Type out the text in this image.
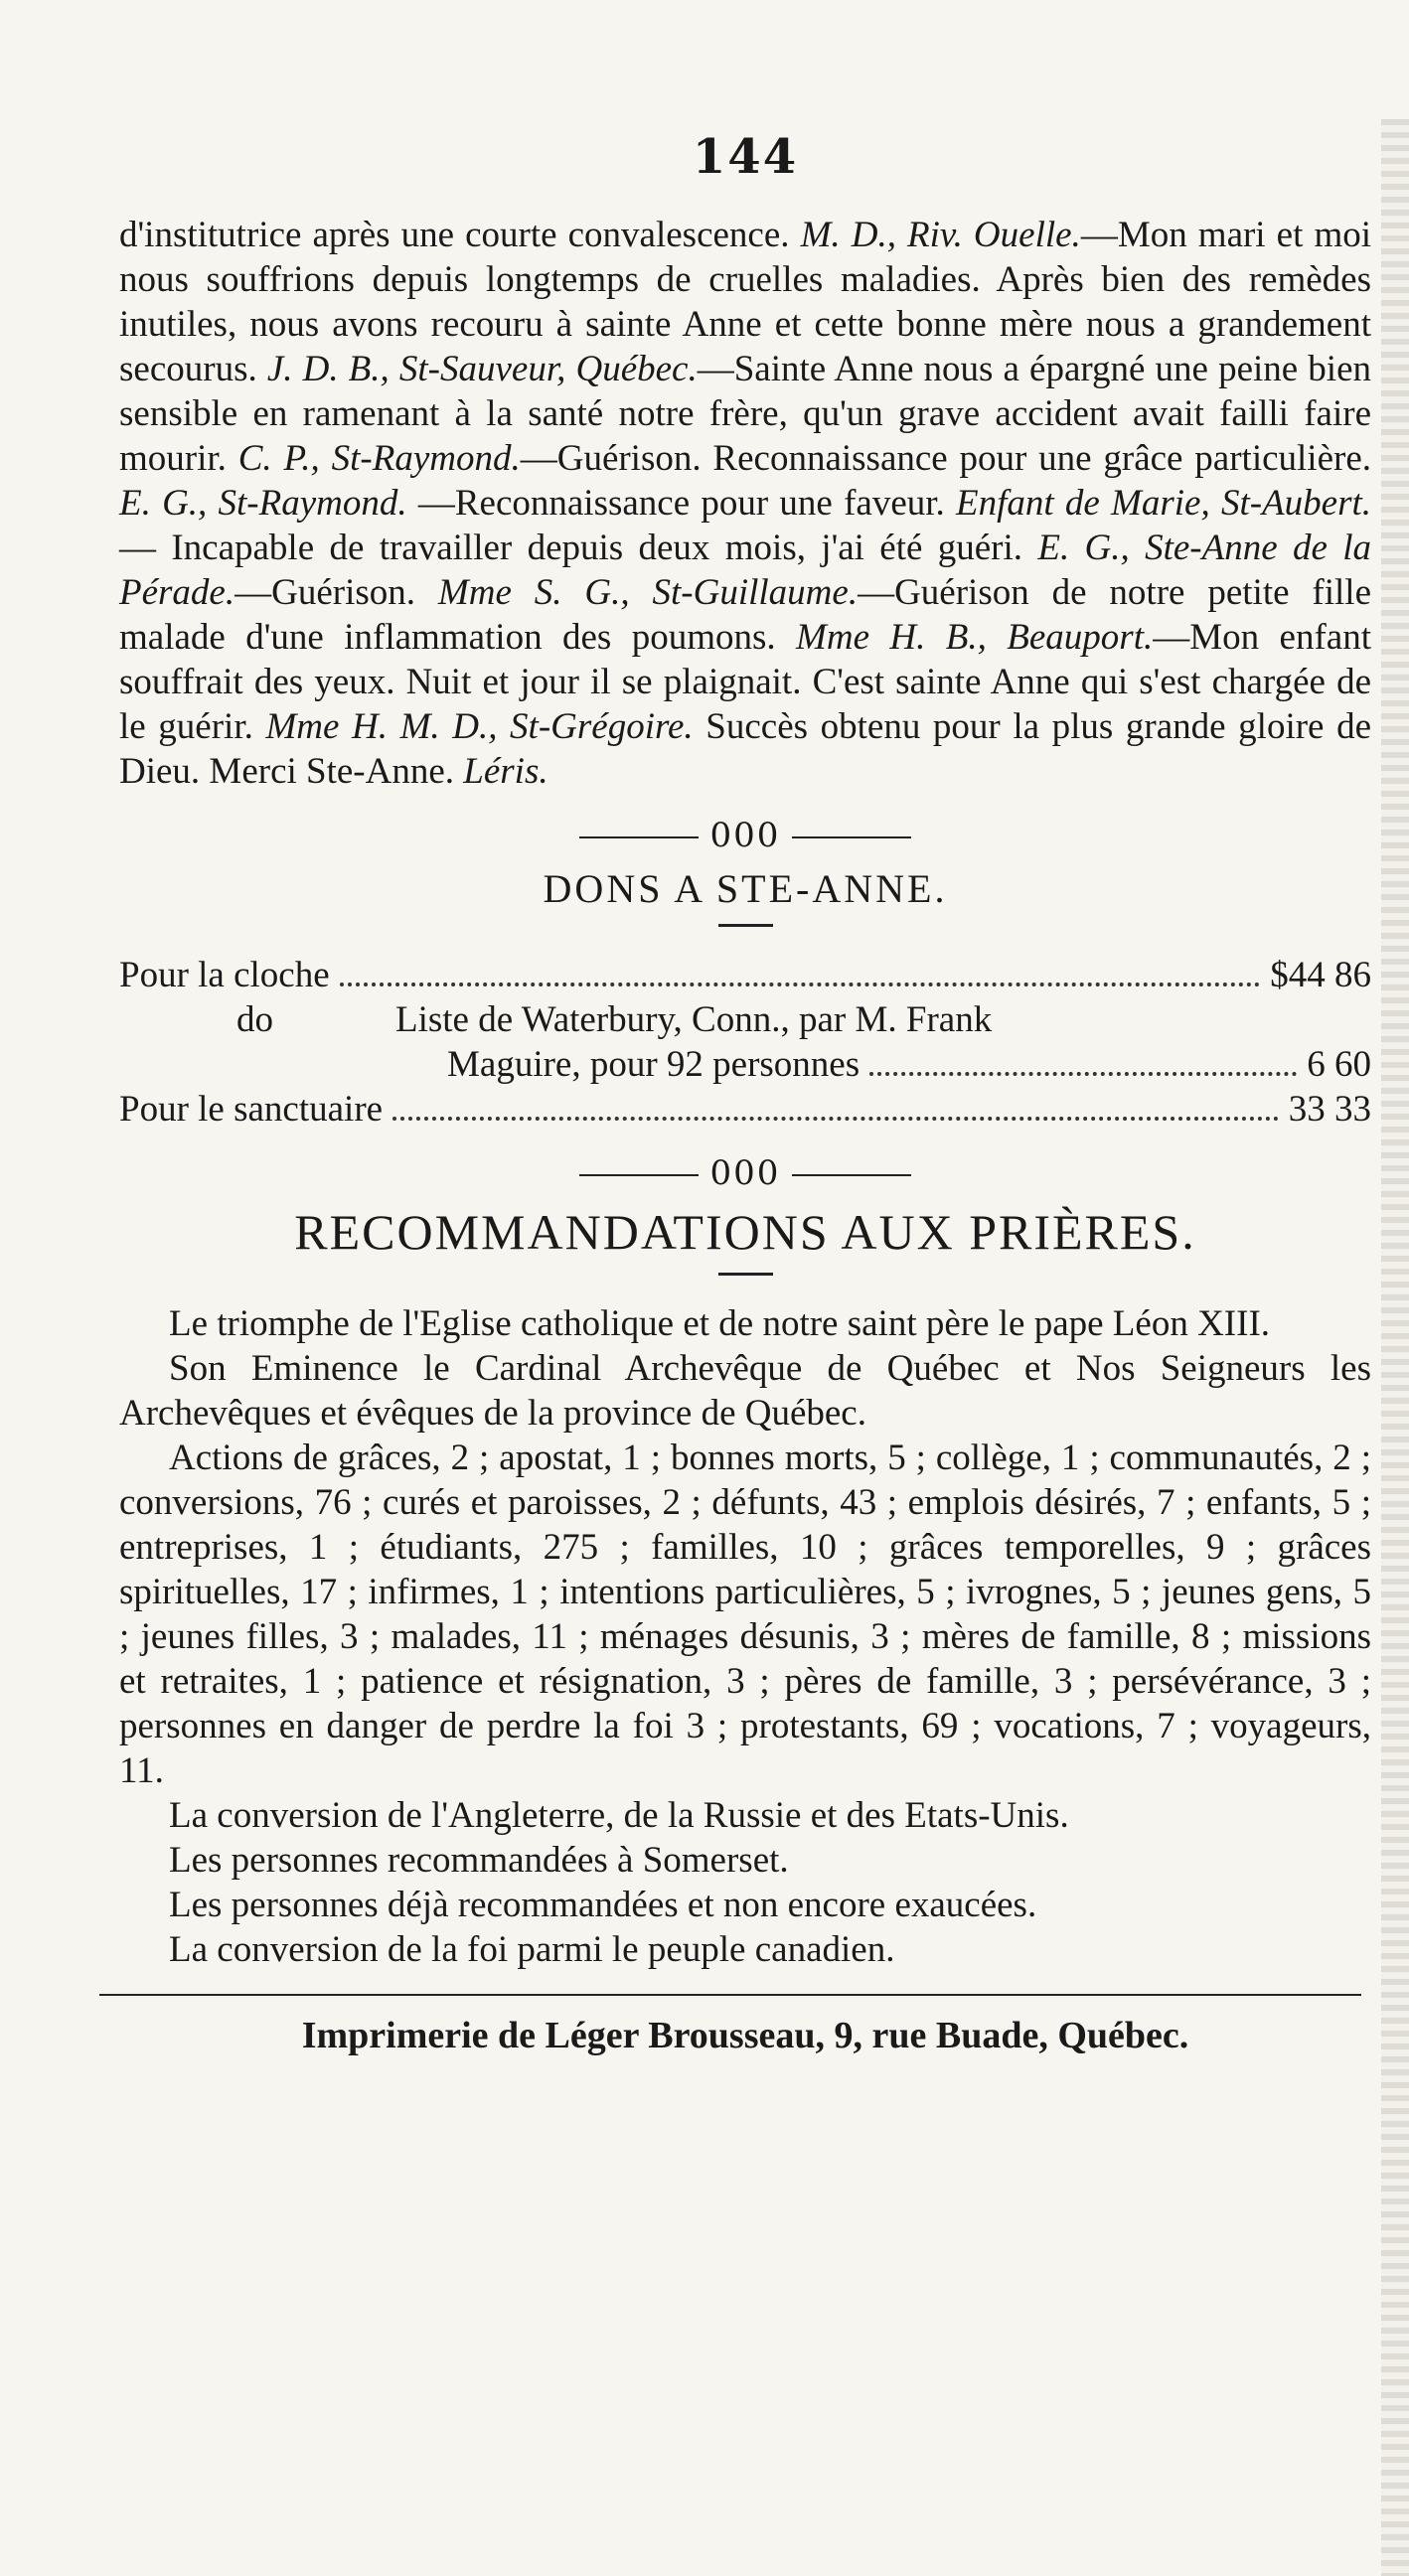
144

d'institutrice après une courte convalescence. M. D., Riv. Ouelle.—Mon mari et moi nous souffrions depuis longtemps de cruelles maladies. Après bien des remèdes inutiles, nous avons recouru à sainte Anne et cette bonne mère nous a grandement secourus. J. D. B., St-Sauveur, Québec.—Sainte Anne nous a épargné une peine bien sensible en ramenant à la santé notre frère, qu'un grave accident avait failli faire mourir. C. P., St-Raymond.—Guérison. Reconnaissance pour une grâce particulière. E. G., St-Raymond. —Reconnaissance pour une faveur. Enfant de Marie, St-Aubert.— Incapable de travailler depuis deux mois, j'ai été guéri. E. G., Ste-Anne de la Pérade.—Guérison. Mme S. G., St-Guillaume.—Guérison de notre petite fille malade d'une inflammation des poumons. Mme H. B., Beauport.—Mon enfant souffrait des yeux. Nuit et jour il se plaignait. C'est sainte Anne qui s'est chargée de le guérir. Mme H. M. D., St-Grégoire. Succès obtenu pour la plus grande gloire de Dieu. Merci Ste-Anne. Léris.

000
DONS A STE-ANNE.
Pour la cloche	$44 86
do	Liste de Waterbury, Conn., par M. Frank
Maguire, pour 92 personnes	6 60
Pour le sanctuaire	33 33
000
RECOMMANDATIONS AUX PRIÈRES.

Le triomphe de l'Eglise catholique et de notre saint père le pape Léon XIII.

Son Eminence le Cardinal Archevêque de Québec et Nos Seigneurs les Archevêques et évêques de la province de Québec.

Actions de grâces, 2 ; apostat, 1 ; bonnes morts, 5 ; collège, 1 ; communautés, 2 ; conversions, 76 ; curés et paroisses, 2 ; défunts, 43 ; emplois désirés, 7 ; enfants, 5 ; entreprises, 1 ; étudiants, 275 ; familles, 10 ; grâces temporelles, 9 ; grâces spirituelles, 17 ; infirmes, 1 ; intentions particulières, 5 ; ivrognes, 5 ; jeunes gens, 5 ; jeunes filles, 3 ; malades, 11 ; ménages désunis, 3 ; mères de famille, 8 ; missions et retraites, 1 ; patience et résignation, 3 ; pères de famille, 3 ; persévérance, 3 ; personnes en danger de perdre la foi 3 ; protestants, 69 ; vocations, 7 ; voyageurs, 11.

La conversion de l'Angleterre, de la Russie et des Etats-Unis.

Les personnes recommandées à Somerset.

Les personnes déjà recommandées et non encore exaucées.

La conversion de la foi parmi le peuple canadien.

Imprimerie de Léger Brousseau, 9, rue Buade, Québec.
